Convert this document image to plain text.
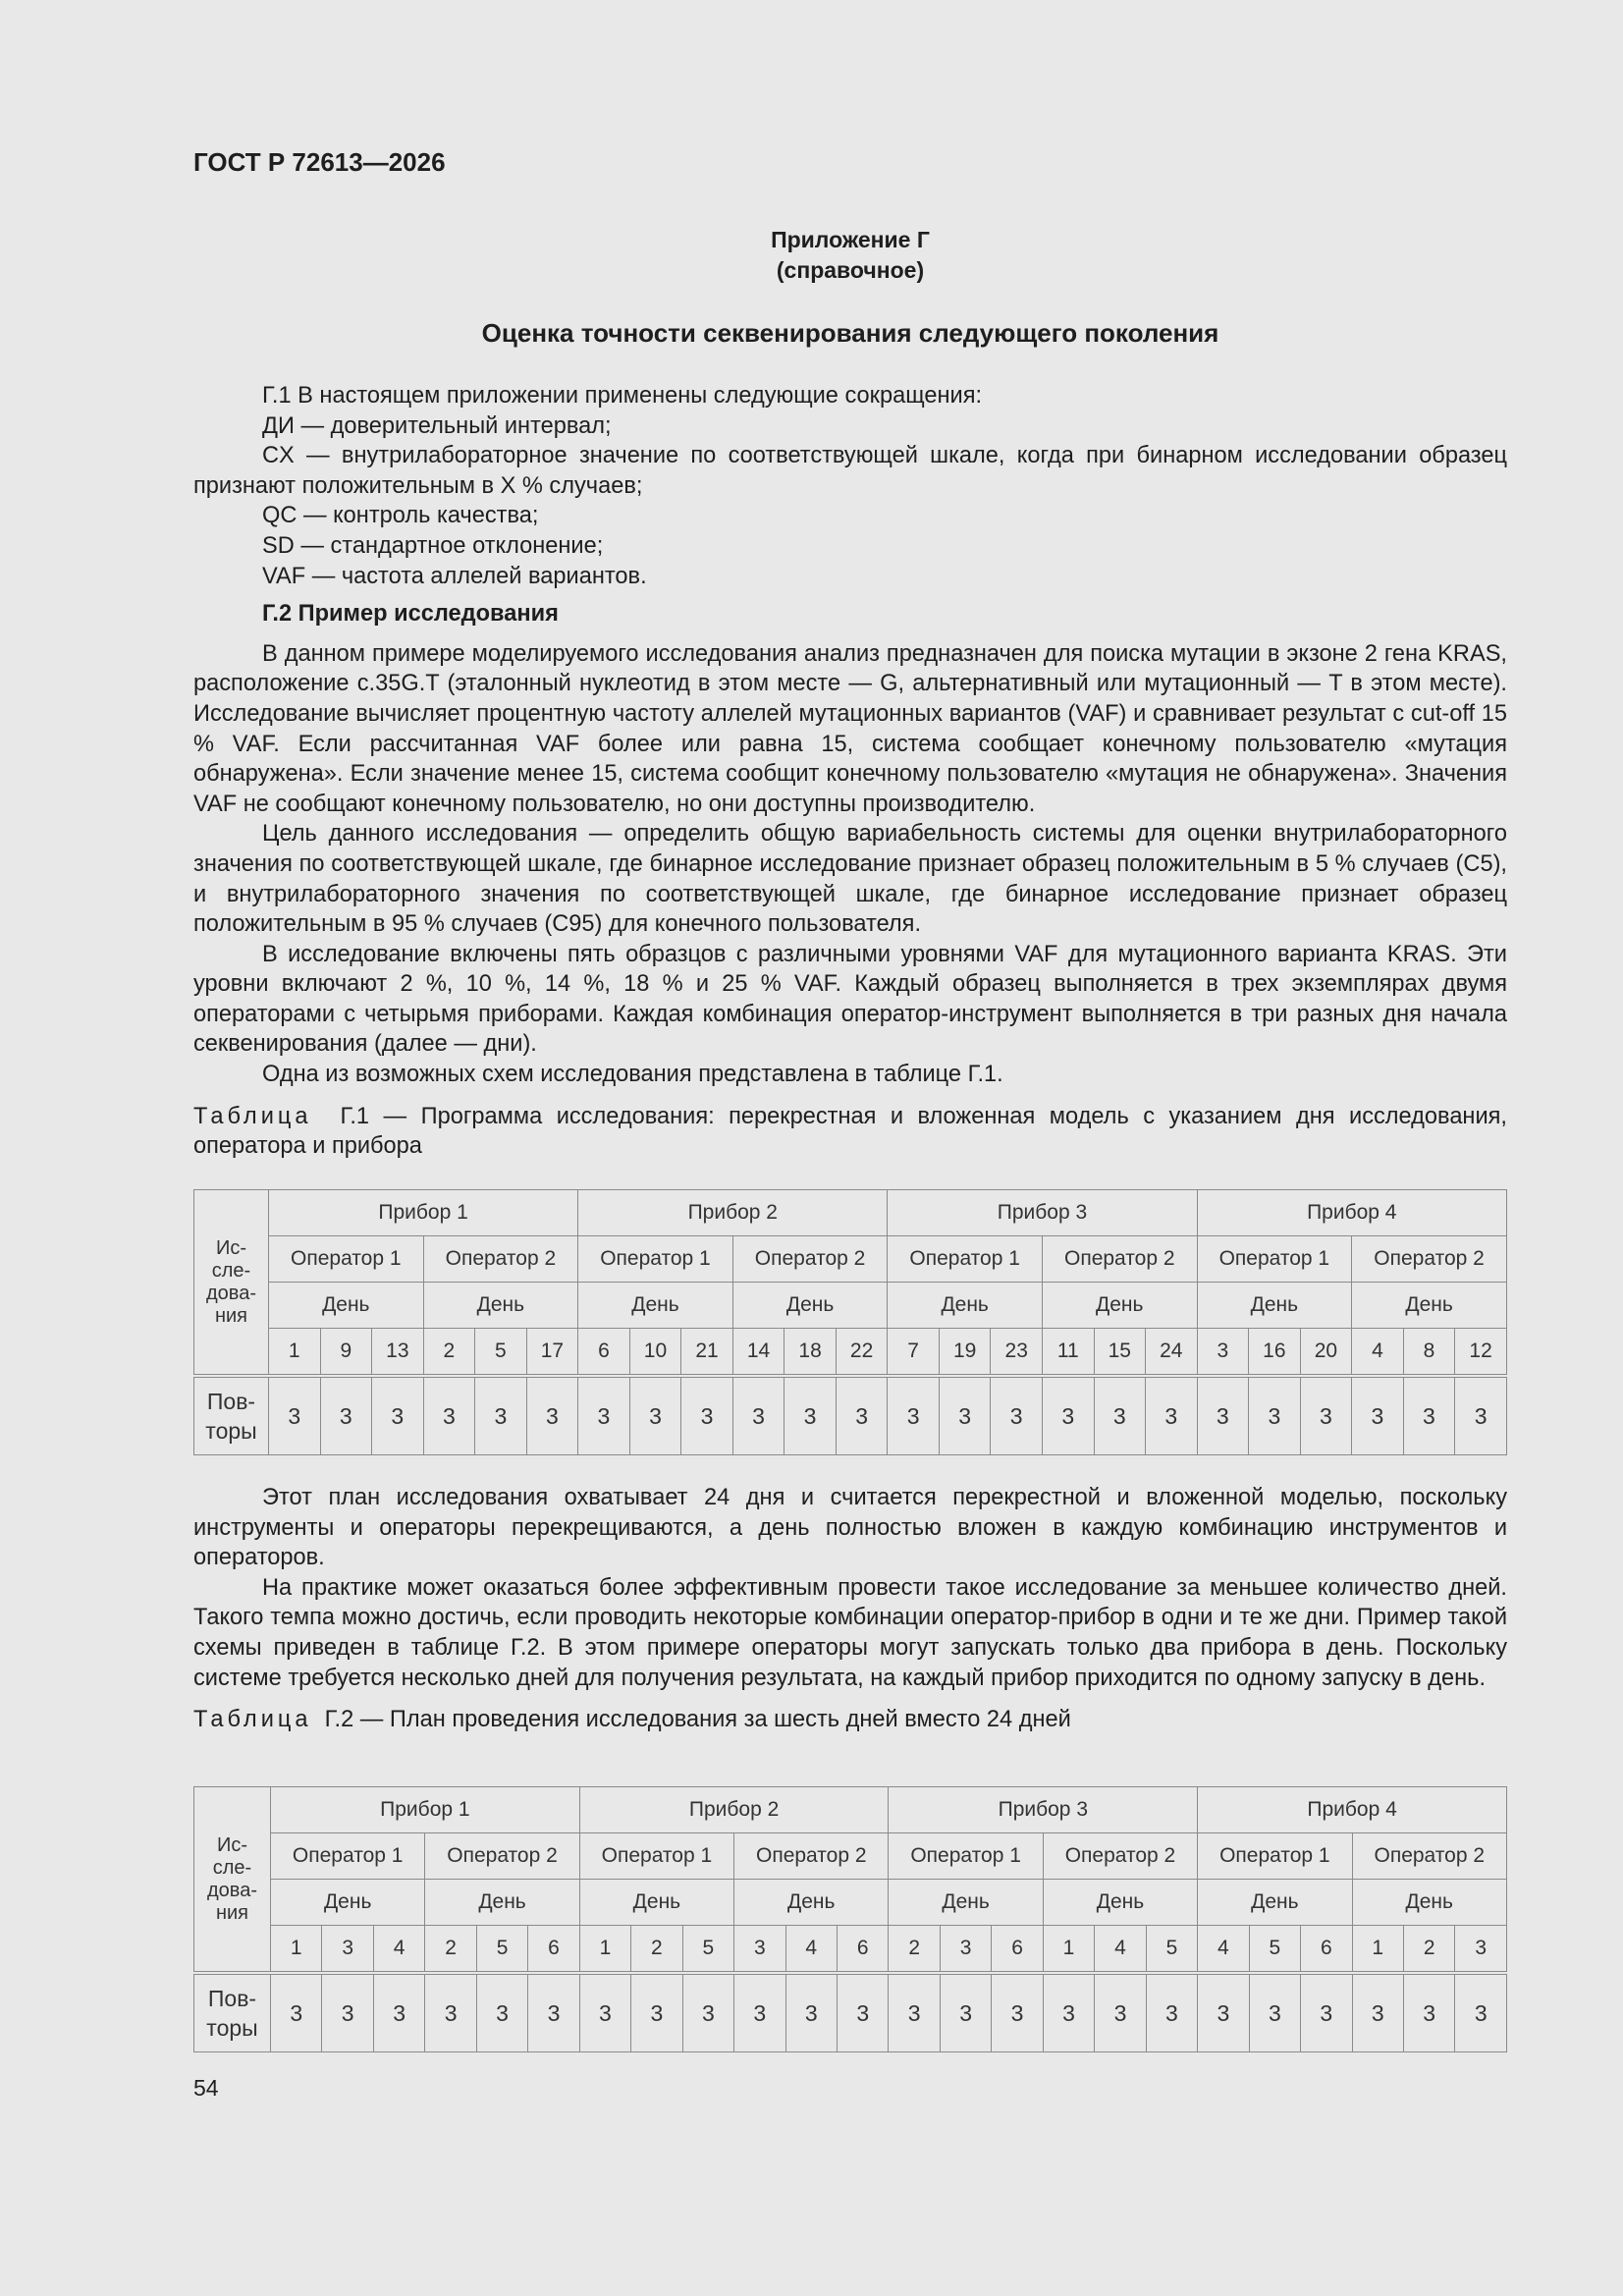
ГОСТ Р 72613—2026
Приложение Г
(справочное)
Оценка точности секвенирования следующего поколения

Г.1 В настоящем приложении применены следующие сокращения:

ДИ — доверительный интервал;

CX — внутрилабораторное значение по соответствующей шкале, когда при бинарном исследовании образец признают положительным в X % случаев;

QC — контроль качества;

SD — стандартное отклонение;

VAF — частота аллелей вариантов.

Г.2 Пример исследования

В данном примере моделируемого исследования анализ предназначен для поиска мутации в экзоне 2 гена KRAS, расположение c.35G.T (эталонный нуклеотид в этом месте — G, альтернативный или мутационный — T в этом месте). Исследование вычисляет процентную частоту аллелей мутационных вариантов (VAF) и сравнивает результат с cut-off 15 % VAF. Если рассчитанная VAF более или равна 15, система сообщает конечному пользователю «мутация обнаружена». Если значение менее 15, система сообщит конечному пользователю «мутация не обнаружена». Значения VAF не сообщают конечному пользователю, но они доступны производителю.

Цель данного исследования — определить общую вариабельность системы для оценки внутрилабораторного значения по соответствующей шкале, где бинарное исследование признает образец положительным в 5 % случаев (C5), и внутрилабораторного значения по соответствующей шкале, где бинарное исследование признает образец положительным в 95 % случаев (C95) для конечного пользователя.

В исследование включены пять образцов с различными уровнями VAF для мутационного варианта KRAS. Эти уровни включают 2 %, 10 %, 14 %, 18 % и 25 % VAF. Каждый образец выполняется в трех экземплярах двумя операторами с четырьмя приборами. Каждая комбинация оператор-инструмент выполняется в три разных дня начала секвенирования (далее — дни).

Одна из возможных схем исследования представлена в таблице Г.1.

Таблица Г.1 — Программа исследования: перекрестная и вложенная модель с указанием дня исследования, оператора и прибора

Ис-
сле-
дова-
ния	Прибор 1						Прибор 2						Прибор 3						Прибор 4					
	Оператор 1			Оператор 2			Оператор 1			Оператор 2			Оператор 1			Оператор 2			Оператор 1			Оператор 2		
	День			День			День			День			День			День			День			День		
	1	9	13	2	5	17	6	10	21	14	18	22	7	19	23	11	15	24	3	16	20	4	8	12
Пов-
торы	3	3	3	3	3	3	3	3	3	3	3	3	3	3	3	3	3	3	3	3	3	3	3	3

Этот план исследования охватывает 24 дня и считается перекрестной и вложенной моделью, поскольку инструменты и операторы перекрещиваются, а день полностью вложен в каждую комбинацию инструментов и операторов.

На практике может оказаться более эффективным провести такое исследование за меньшее количество дней. Такого темпа можно достичь, если проводить некоторые комбинации оператор-прибор в одни и те же дни. Пример такой схемы приведен в таблице Г.2. В этом примере операторы могут запускать только два прибора в день. Поскольку системе требуется несколько дней для получения результата, на каждый прибор приходится по одному запуску в день.

Таблица Г.2 — План проведения исследования за шесть дней вместо 24 дней

Ис-
сле-
дова-
ния	Прибор 1						Прибор 2						Прибор 3						Прибор 4					
	Оператор 1			Оператор 2			Оператор 1			Оператор 2			Оператор 1			Оператор 2			Оператор 1			Оператор 2		
	День			День			День			День			День			День			День			День		
	1	3	4	2	5	6	1	2	5	3	4	6	2	3	6	1	4	5	4	5	6	1	2	3
Пов-
торы	3	3	3	3	3	3	3	3	3	3	3	3	3	3	3	3	3	3	3	3	3	3	3	3
54
